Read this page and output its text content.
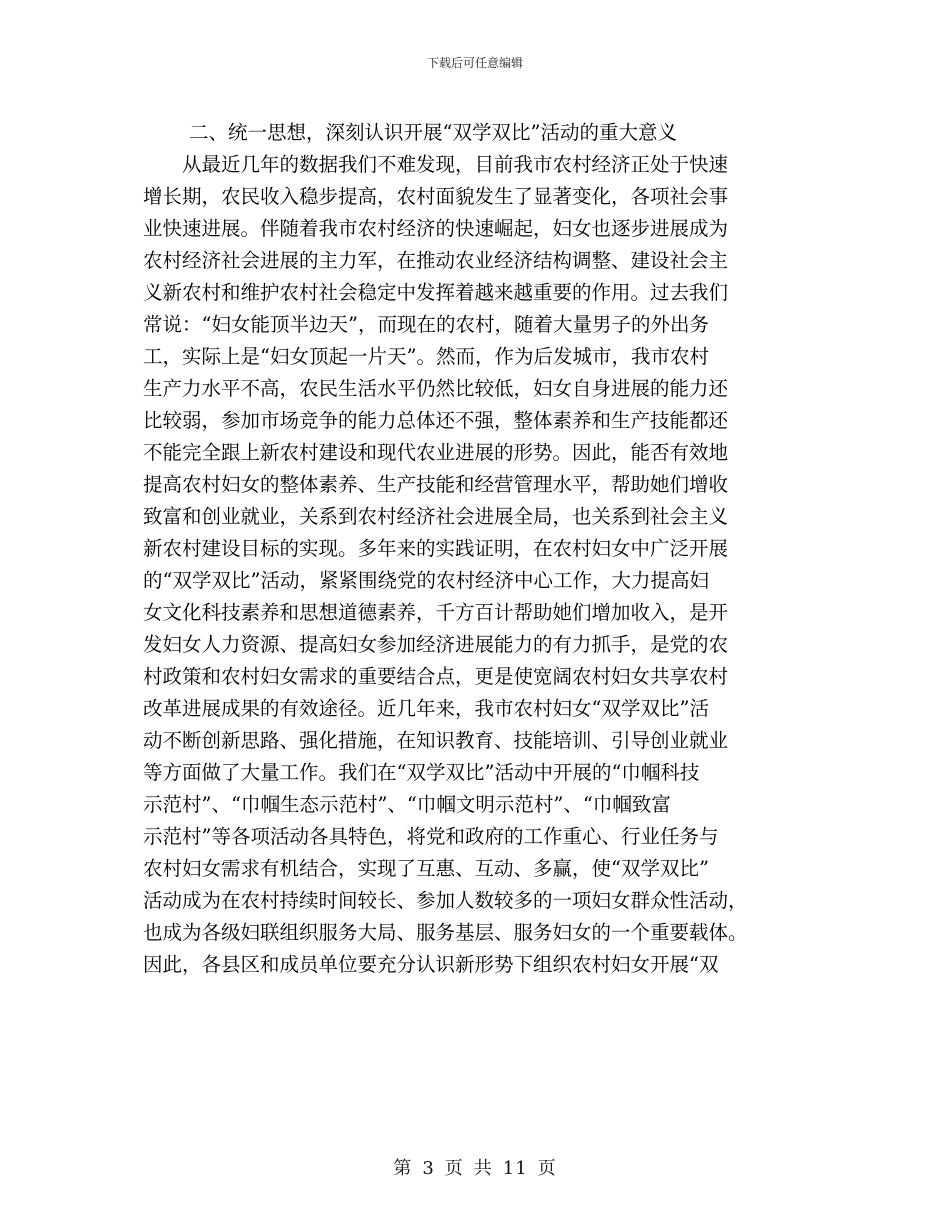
下载后可任意编辑
二、统一思想，深刻认识开展“双学双比”活动的重大意义
从最近几年的数据我们不难发现，目前我市农村经济正处于快速
增长期，农民收入稳步提高，农村面貌发生了显著变化，各项社会事
业快速进展。伴随着我市农村经济的快速崛起，妇女也逐步进展成为
农村经济社会进展的主力军，在推动农业经济结构调整、建设社会主
义新农村和维护农村社会稳定中发挥着越来越重要的作用。过去我们
常说：“妇女能顶半边天”，而现在的农村，随着大量男子的外出务
工，实际上是“妇女顶起一片天”。然而，作为后发城市，我市农村
生产力水平不高，农民生活水平仍然比较低，妇女自身进展的能力还
比较弱，参加市场竞争的能力总体还不强，整体素养和生产技能都还
不能完全跟上新农村建设和现代农业进展的形势。因此，能否有效地
提高农村妇女的整体素养、生产技能和经营管理水平，帮助她们增收
致富和创业就业，关系到农村经济社会进展全局，也关系到社会主义
新农村建设目标的实现。多年来的实践证明，在农村妇女中广泛开展
的“双学双比”活动，紧紧围绕党的农村经济中心工作，大力提高妇
女文化科技素养和思想道德素养，千方百计帮助她们增加收入，是开
发妇女人力资源、提高妇女参加经济进展能力的有力抓手，是党的农
村政策和农村妇女需求的重要结合点，更是使宽阔农村妇女共享农村
改革进展成果的有效途径。近几年来，我市农村妇女“双学双比”活
动不断创新思路、强化措施，在知识教育、技能培训、引导创业就业
等方面做了大量工作。我们在“双学双比”活动中开展的“巾帼科技
示范村”、“巾帼生态示范村”、“巾帼文明示范村”、“巾帼致富
示范村”等各项活动各具特色，将党和政府的工作重心、行业任务与
农村妇女需求有机结合，实现了互惠、互动、多赢，使“双学双比”
活动成为在农村持续时间较长、参加人数较多的一项妇女群众性活动，
也成为各级妇联组织服务大局、服务基层、服务妇女的一个重要载体。
因此，各县区和成员单位要充分认识新形势下组织农村妇女开展“双
第 3 页 共 11 页
